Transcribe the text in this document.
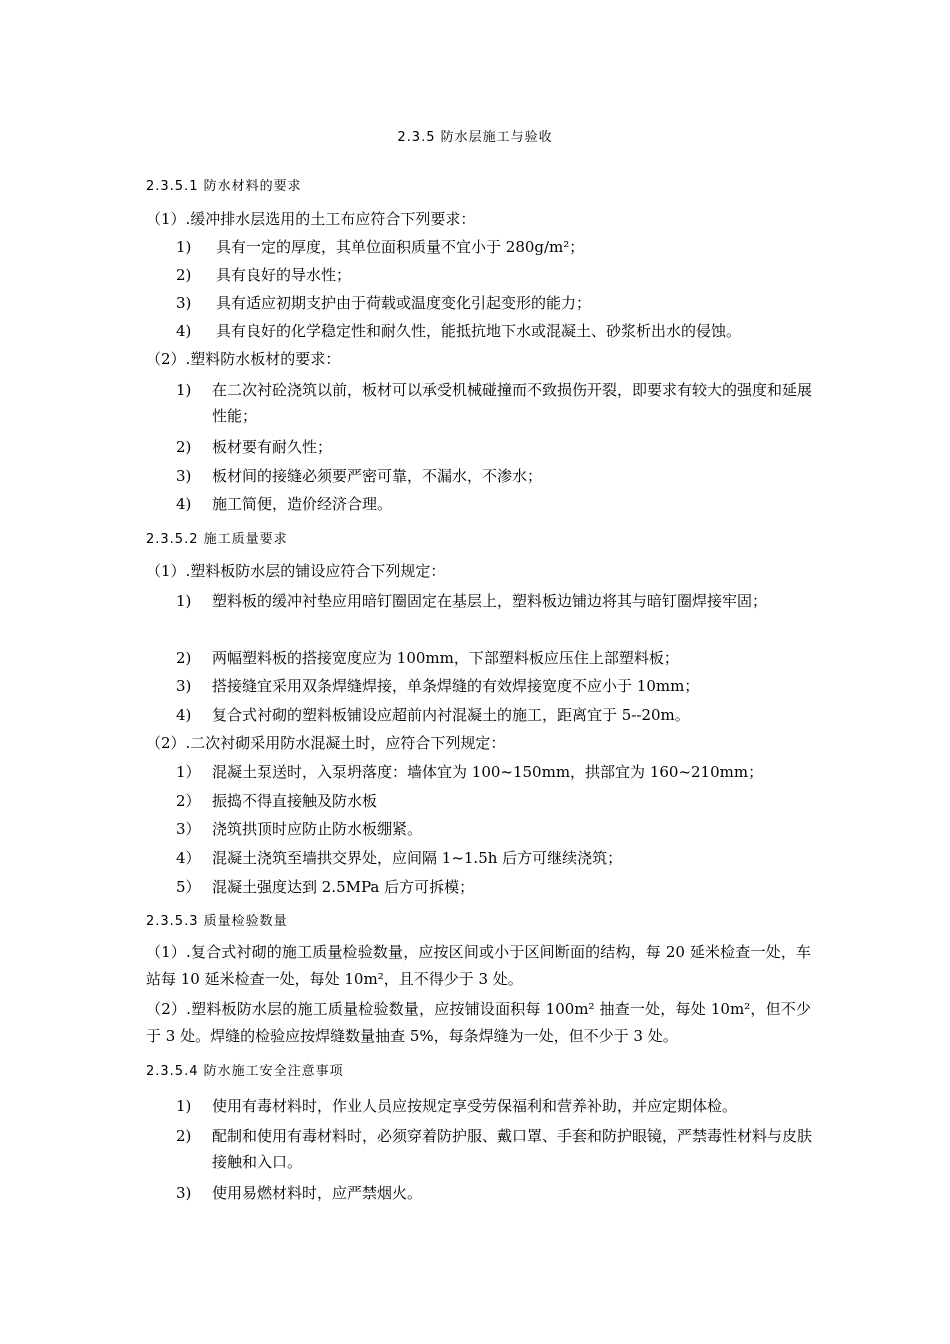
2.3.5 防水层施工与验收
2.3.5.1 防水材料的要求
（1）.缓冲排水层选用的土工布应符合下列要求：
1) 具有一定的厚度，其单位面积质量不宜小于 280g/m²；
2) 具有良好的导水性；
3) 具有适应初期支护由于荷载或温度变化引起变形的能力；
4) 具有良好的化学稳定性和耐久性，能抵抗地下水或混凝土、砂浆析出水的侵蚀。
（2）.塑料防水板材的要求：
1) 在二次衬砼浇筑以前，板材可以承受机械碰撞而不致损伤开裂，即要求有较大的强度和延展性能；
2) 板材要有耐久性；
3) 板材间的接缝必须要严密可靠，不漏水，不渗水；
4) 施工简便，造价经济合理。
2.3.5.2 施工质量要求
（1）.塑料板防水层的铺设应符合下列规定：
1) 塑料板的缓冲衬垫应用暗钉圈固定在基层上，塑料板边铺边将其与暗钉圈焊接牢固；
2) 两幅塑料板的搭接宽度应为 100mm，下部塑料板应压住上部塑料板；
3) 搭接缝宜采用双条焊缝焊接，单条焊缝的有效焊接宽度不应小于 10mm；
4) 复合式衬砌的塑料板铺设应超前内衬混凝土的施工，距离宜于 5--20m。
（2）.二次衬砌采用防水混凝土时，应符合下列规定：
1） 混凝土泵送时，入泵坍落度：墙体宜为 100~150mm，拱部宜为 160~210mm；
2） 振捣不得直接触及防水板
3） 浇筑拱顶时应防止防水板绷紧。
4） 混凝土浇筑至墙拱交界处，应间隔 1~1.5h 后方可继续浇筑；
5） 混凝土强度达到 2.5MPa 后方可拆模；
2.3.5.3 质量检验数量
（1）.复合式衬砌的施工质量检验数量，应按区间或小于区间断面的结构，每 20 延米检查一处，车站每 10 延米检查一处，每处 10m²，且不得少于 3 处。
（2）.塑料板防水层的施工质量检验数量，应按铺设面积每 100m² 抽查一处，每处 10m²，但不少于 3 处。焊缝的检验应按焊缝数量抽查 5%，每条焊缝为一处，但不少于 3 处。
2.3.5.4 防水施工安全注意事项
1) 使用有毒材料时，作业人员应按规定享受劳保福利和营养补助，并应定期体检。
2) 配制和使用有毒材料时，必须穿着防护服、戴口罩、手套和防护眼镜，严禁毒性材料与皮肤接触和入口。
3) 使用易燃材料时，应严禁烟火。
